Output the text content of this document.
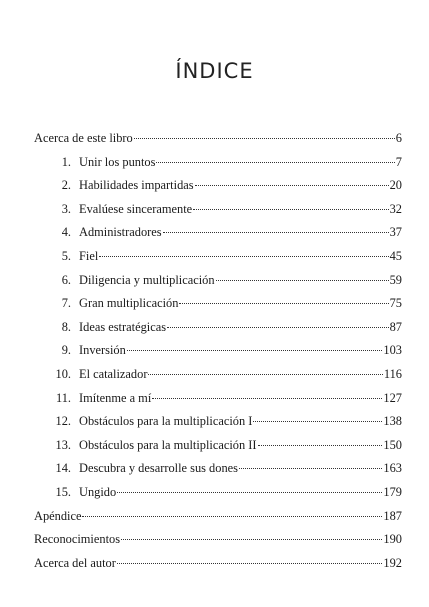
ÍNDICE
Acerca de este libro	6
1. Unir los puntos	7
2. Habilidades impartidas	20
3. Evalúese sinceramente	32
4. Administradores	37
5. Fiel	45
6. Diligencia y multiplicación	59
7. Gran multiplicación	75
8. Ideas estratégicas	87
9. Inversión	103
10. El catalizador	116
11. Imítenme a mí	127
12. Obstáculos para la multiplicación I	138
13. Obstáculos para la multiplicación II	150
14. Descubra y desarrolle sus dones	163
15. Ungido	179
Apéndice	187
Reconocimientos	190
Acerca del autor	192
